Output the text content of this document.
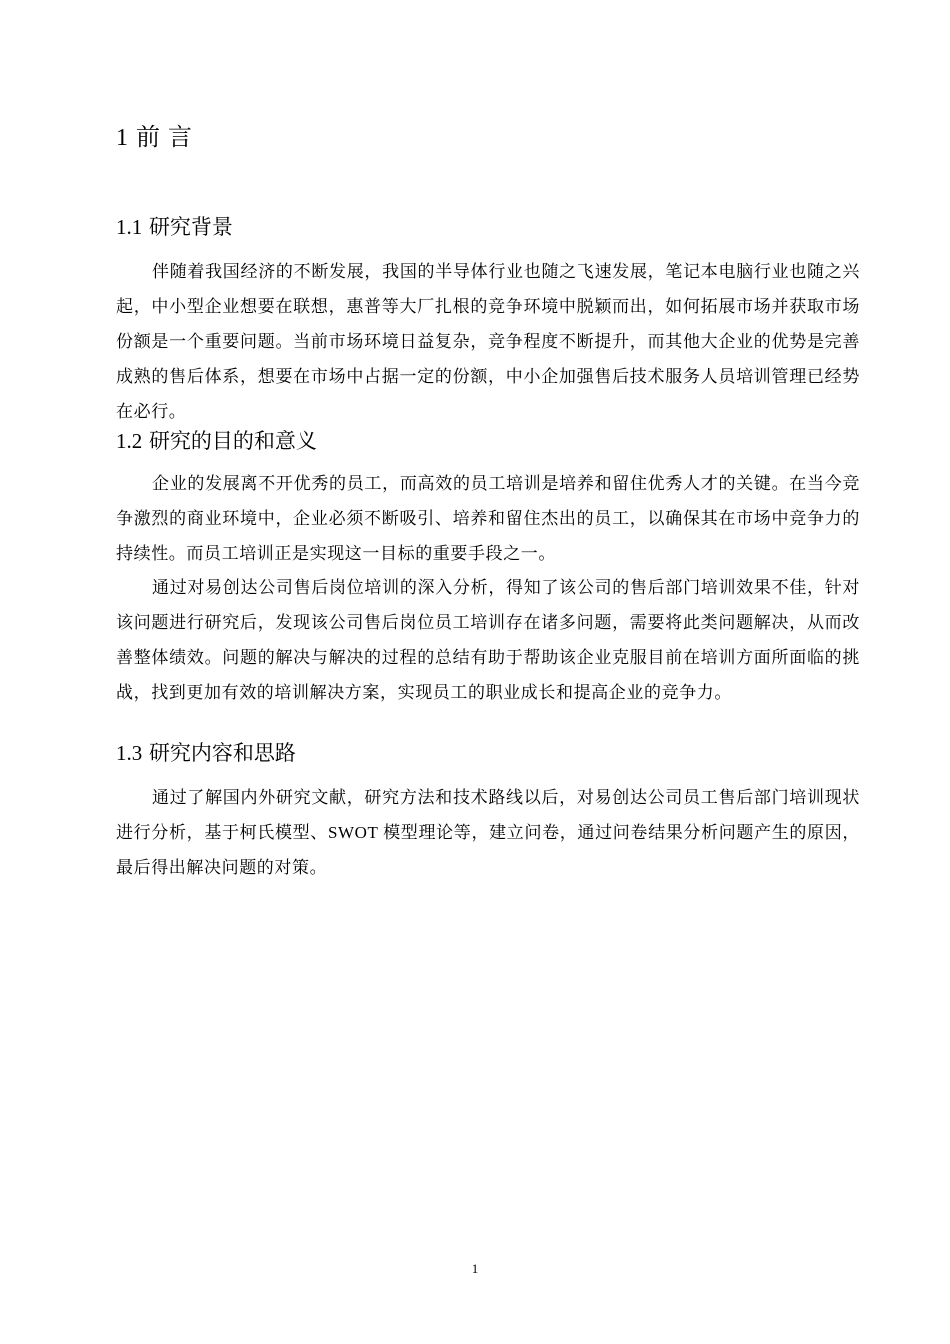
1 前 言
1.1 研究背景

伴随着我国经济的不断发展，我国的半导体行业也随之飞速发展，笔记本电脑行业也随之兴起，中小型企业想要在联想，惠普等大厂扎根的竞争环境中脱颖而出，如何拓展市场并获取市场份额是一个重要问题。当前市场环境日益复杂，竞争程度不断提升，而其他大企业的优势是完善成熟的售后体系，想要在市场中占据一定的份额，中小企加强售后技术服务人员培训管理已经势在必行。

1.2 研究的目的和意义

企业的发展离不开优秀的员工，而高效的员工培训是培养和留住优秀人才的关键。在当今竞争激烈的商业环境中，企业必须不断吸引、培养和留住杰出的员工，以确保其在市场中竞争力的持续性。而员工培训正是实现这一目标的重要手段之一。

通过对易创达公司售后岗位培训的深入分析，得知了该公司的售后部门培训效果不佳，针对该问题进行研究后，发现该公司售后岗位员工培训存在诸多问题，需要将此类问题解决，从而改善整体绩效。问题的解决与解决的过程的总结有助于帮助该企业克服目前在培训方面所面临的挑战，找到更加有效的培训解决方案，实现员工的职业成长和提高企业的竞争力。

1.3 研究内容和思路

通过了解国内外研究文献，研究方法和技术路线以后，对易创达公司员工售后部门培训现状进行分析，基于柯氏模型、SWOT 模型理论等，建立问卷，通过问卷结果分析问题产生的原因，最后得出解决问题的对策。

1
